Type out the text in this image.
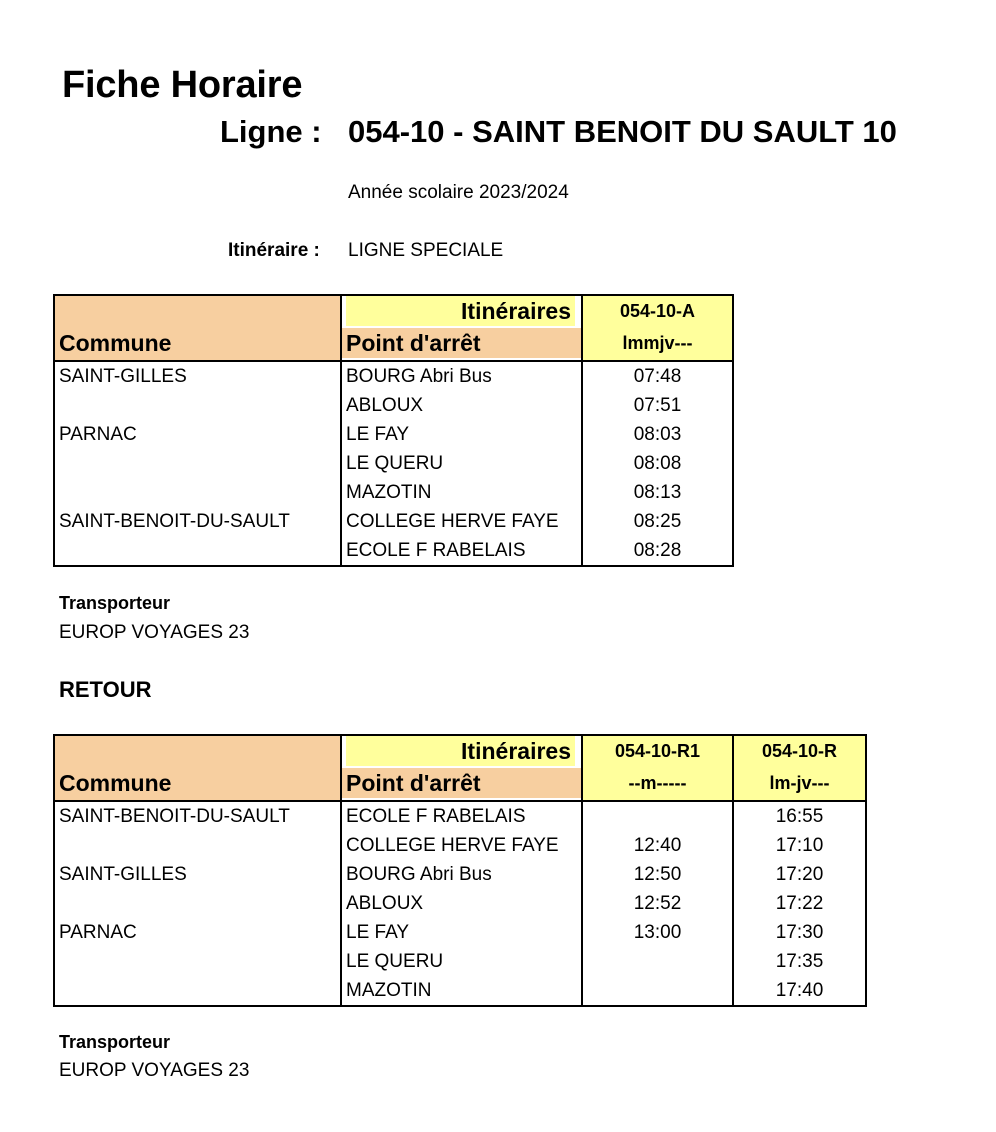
Fiche Horaire
Ligne : 054-10 - SAINT BENOIT DU SAULT 10
Année scolaire 2023/2024
Itinéraire : LIGNE SPECIALE

	Itinéraires	054-10-A
Commune	Point d'arrêt	lmmjv---
SAINT-GILLES	BOURG Abri Bus	07:48
	ABLOUX	07:51
PARNAC	LE FAY	08:03
	LE QUERU	08:08
	MAZOTIN	08:13
SAINT-BENOIT-DU-SAULT	COLLEGE HERVE FAYE	08:25
	ECOLE F RABELAIS	08:28
Transporteur
EUROP VOYAGES 23
RETOUR

	Itinéraires	054-10-R1	054-10-R
Commune	Point d'arrêt	--m-----	lm-jv---
SAINT-BENOIT-DU-SAULT	ECOLE F RABELAIS		16:55
	COLLEGE HERVE FAYE	12:40	17:10
SAINT-GILLES	BOURG Abri Bus	12:50	17:20
	ABLOUX	12:52	17:22
PARNAC	LE FAY	13:00	17:30
	LE QUERU		17:35
	MAZOTIN		17:40
Transporteur
EUROP VOYAGES 23
